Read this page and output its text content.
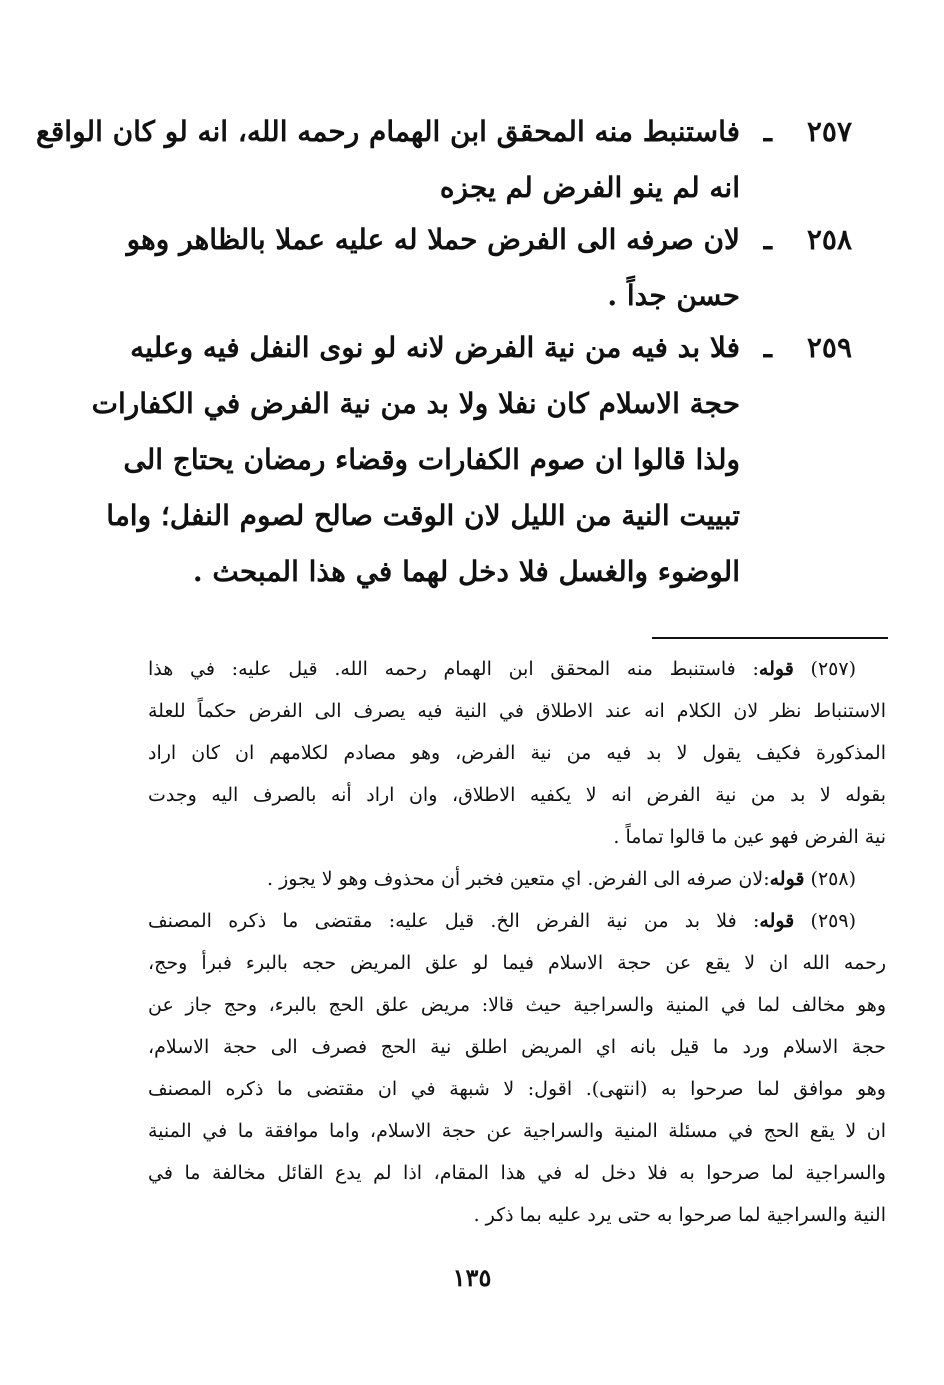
٢٥٧
ـ
فاستنبط منه المحقق ابن الهمام رحمه الله، انه لو كان الواقع
انه لم ينو الفرض لم يجزه
٢٥٨
ـ
لان صرفه الى الفرض حملا له عليه عملا بالظاهر وهو
حسن جداً .
٢٥٩
ـ
فلا بد فيه من نية الفرض لانه لو نوى النفل فيه وعليه
حجة الاسلام كان نفلا ولا بد من نية الفرض في الكفارات
ولذا قالوا ان صوم الكفارات وقضاء رمضان يحتاج الى
تبييت النية من الليل لان الوقت صالح لصوم النفل؛ واما
الوضوء والغسل فلا دخل لهما في هذا المبحث .
(٢٥٧) قوله: فاستنبط منه المحقق ابن الهمام رحمه الله. قيل عليه: في هذا
الاستنباط نظر لان الكلام انه عند الاطلاق في النية فيه يصرف الى الفرض حكماً للعلة
المذكورة فكيف يقول لا بد فيه من نية الفرض، وهو مصادم لكلامهم ان كان اراد
بقوله لا بد من نية الفرض انه لا يكفيه الاطلاق، وان اراد أنه بالصرف اليه وجدت
نية الفرض فهو عين ما قالوا تماماً .
(٢٥٨) قوله:لان صرفه الى الفرض. اي متعين فخبر أن محذوف وهو لا يجوز .
(٢٥٩) قوله: فلا بد من نية الفرض الخ. قيل عليه: مقتضى ما ذكره المصنف
رحمه الله ان لا يقع عن حجة الاسلام فيما لو علق المريض حجه بالبرء فبرأ وحج،
وهو مخالف لما في المنية والسراجية حيث قالا: مريض علق الحج بالبرء، وحج جاز عن
حجة الاسلام ورد ما قيل بانه اي المريض اطلق نية الحج فصرف الى حجة الاسلام،
وهو موافق لما صرحوا به (انتهى). اقول: لا شبهة في ان مقتضى ما ذكره المصنف
ان لا يقع الحج في مسئلة المنية والسراجية عن حجة الاسلام، واما موافقة ما في المنية
والسراجية لما صرحوا به فلا دخل له في هذا المقام، اذا لم يدع القائل مخالفة ما في
النية والسراجية لما صرحوا به حتى يرد عليه بما ذكر .
١٣٥
